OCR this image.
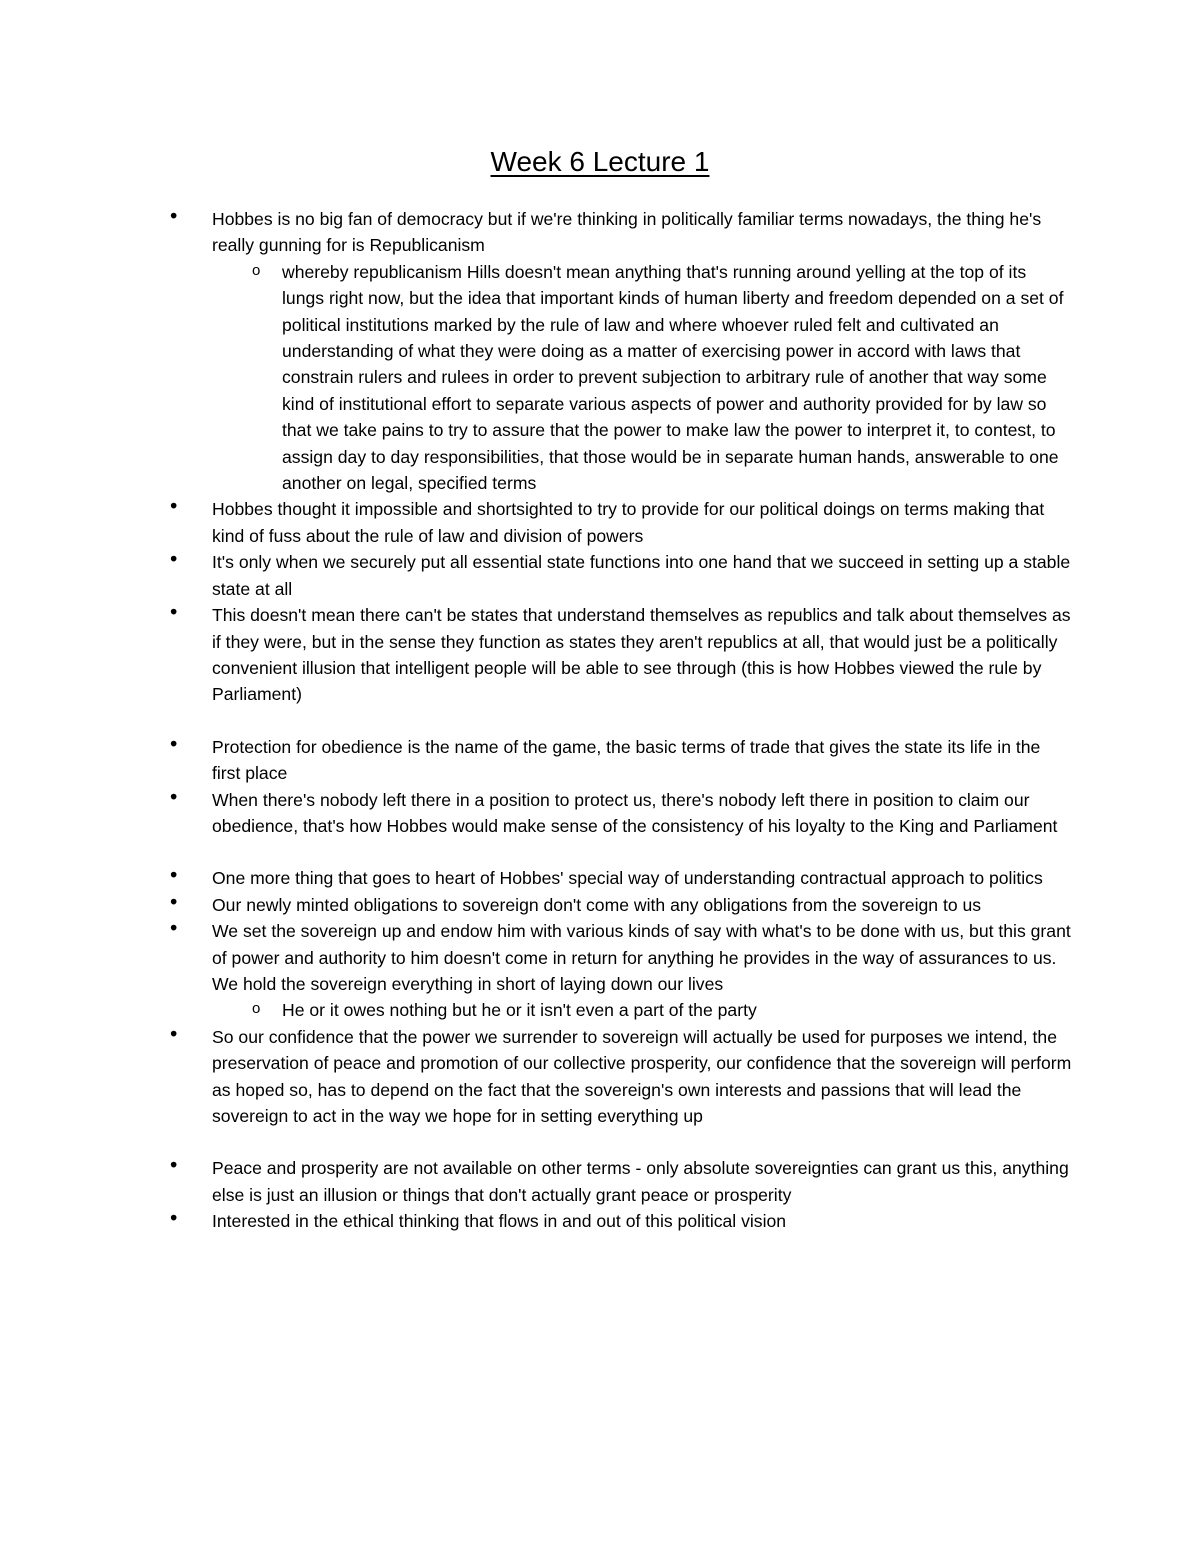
Week 6 Lecture 1
•
Hobbes is no big fan of democracy but if we're thinking in politically familiar terms nowadays, the thing he's really gunning for is Republicanism
o
whereby republicanism Hills doesn't mean anything that's running around yelling at the top of its lungs right now, but the idea that important kinds of human liberty and freedom depended on a set of political institutions marked by the rule of law and where whoever ruled felt and cultivated an understanding of what they were doing as a matter of exercising power in accord with laws that constrain rulers and rulees in order to prevent subjection to arbitrary rule of another that way some kind of institutional effort to separate various aspects of power and authority provided for by law so that we take pains to try to assure that the power to make law the power to interpret it, to contest, to assign day to day responsibilities, that those would be in separate human hands, answerable to one another on legal, specified terms
•
Hobbes thought it impossible and shortsighted to try to provide for our political doings on terms making that kind of fuss about the rule of law and division of powers
•
It's only when we securely put all essential state functions into one hand that we succeed in setting up a stable state at all
•
This doesn't mean there can't be states that understand themselves as republics and talk about themselves as if they were, but in the sense they function as states they aren't republics at all, that would just be a politically convenient illusion that intelligent people will be able to see through (this is how Hobbes viewed the rule by Parliament)
•
Protection for obedience is the name of the game, the basic terms of trade that gives the state its life in the first place
•
When there's nobody left there in a position to protect us, there's nobody left there in position to claim our obedience, that's how Hobbes would make sense of the consistency of his loyalty to the King and Parliament
•
One more thing that goes to heart of Hobbes' special way of understanding contractual approach to politics
•
Our newly minted obligations to sovereign don't come with any obligations from the sovereign to us
•
We set the sovereign up and endow him with various kinds of say with what's to be done with us, but this grant of power and authority to him doesn't come in return for anything he provides in the way of assurances to us. We hold the sovereign everything in short of laying down our lives
o
He or it owes nothing but he or it isn't even a part of the party
•
So our confidence that the power we surrender to sovereign will actually be used for purposes we intend, the preservation of peace and promotion of our collective prosperity, our confidence that the sovereign will perform as hoped so, has to depend on the fact that the sovereign's own interests and passions that will lead the sovereign to act in the way we hope for in setting everything up
•
Peace and prosperity are not available on other terms - only absolute sovereignties can grant us this, anything else is just an illusion or things that don't actually grant peace or prosperity
•
Interested in the ethical thinking that flows in and out of this political vision
